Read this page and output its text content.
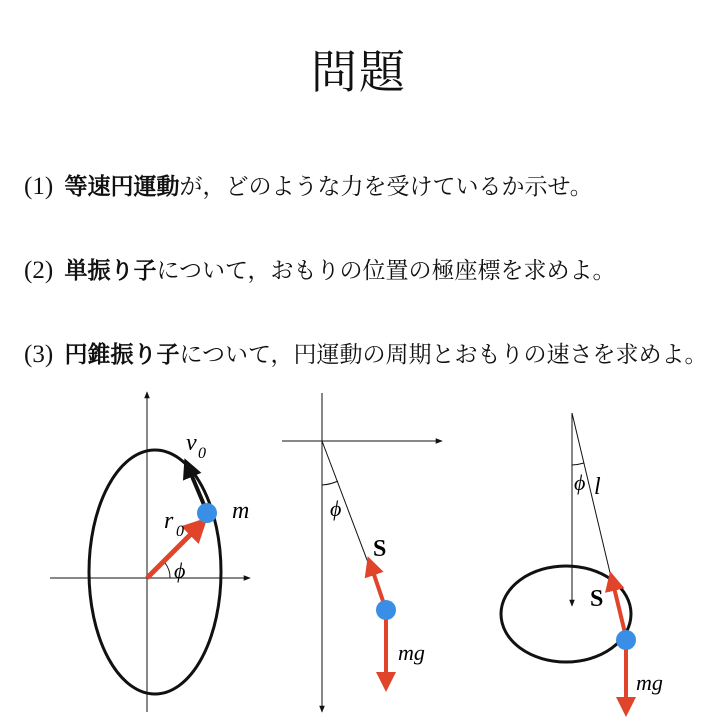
問題
(1) 等速円運動が，どのような力を受けているか示せ。
(2) 単振り子について，おもりの位置の極座標を求めよ。
(3) 円錐振り子について，円運動の周期とおもりの速さを求めよ。
v 0
r 0
ϕ
m	ϕ
S
mg
ϕ l
S
mg
